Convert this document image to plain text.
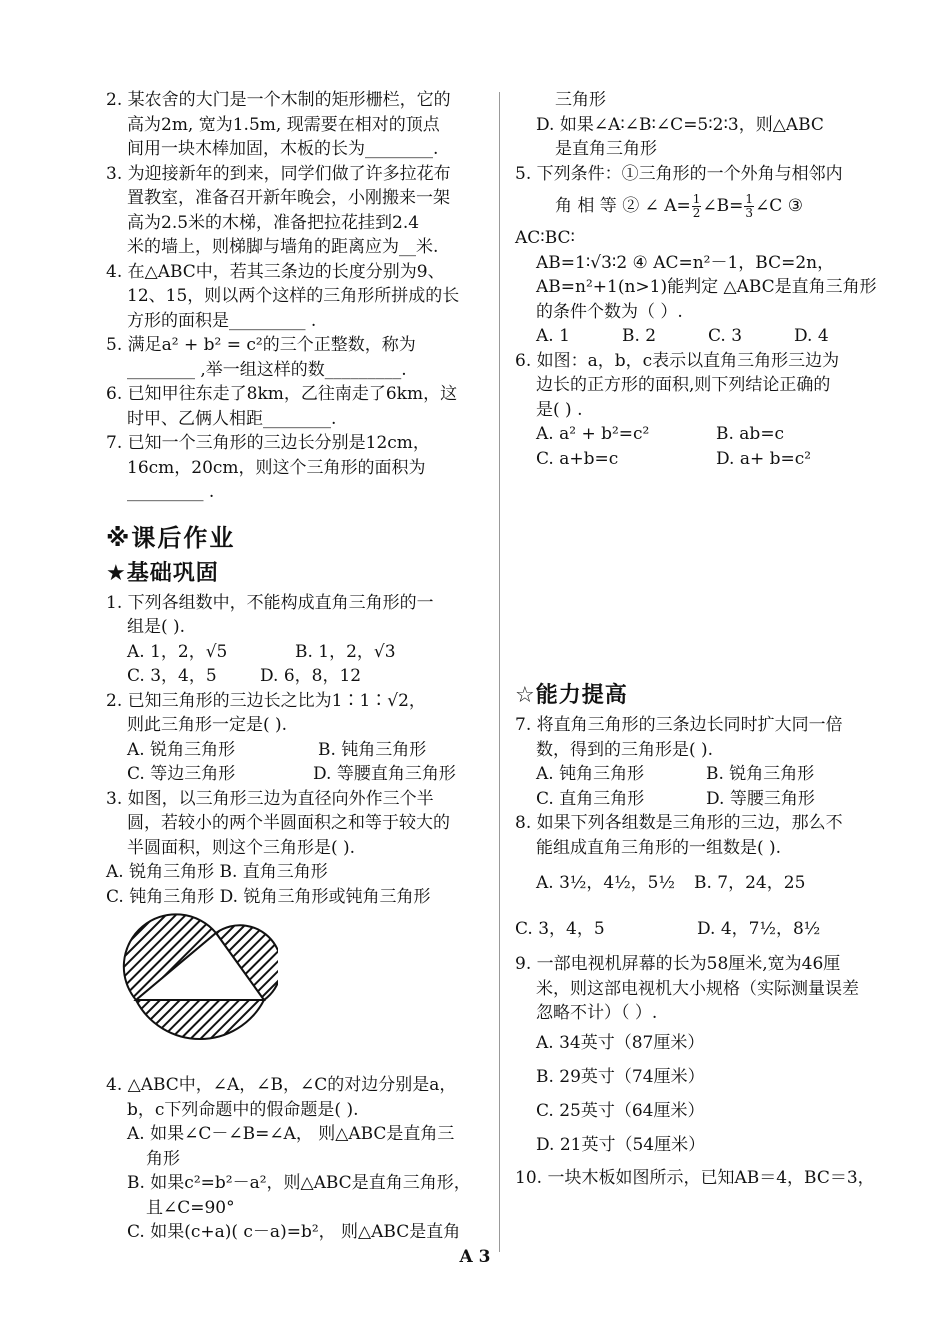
2. 某农舍的大门是一个木制的矩形栅栏，它的
高为2m, 宽为1.5m, 现需要在相对的顶点
间用一块木棒加固，木板的长为________.
3. 为迎接新年的到来，同学们做了许多拉花布
置教室，准备召开新年晚会，小刚搬来一架
高为2.5米的木梯，准备把拉花挂到2.4
米的墙上，则梯脚与墙角的距离应为__米.
4. 在△ABC中，若其三条边的长度分别为9、
12、15，则以两个这样的三角形所拼成的长
方形的面积是_________ .
5. 满足a² + b² = c²的三个正整数，称为
________ ,举一组这样的数_________.
6. 已知甲往东走了8km，乙往南走了6km，这
时甲、乙俩人相距________.
7. 已知一个三角形的三边长分别是12cm，
16cm，20cm，则这个三角形的面积为
_________ .
※课后作业
★基础巩固
1. 下列各组数中，不能构成直角三角形的一
组是( ).
A. 1，2，√5	B. 1，2，√3
C. 3，4，5	D. 6，8，12
2. 已知三角形的三边长之比为1∶1∶√2，
则此三角形一定是( ).
A. 锐角三角形	B. 钝角三角形
C. 等边三角形	D. 等腰直角三角形
3. 如图，以三角形三边为直径向外作三个半
圆，若较小的两个半圆面积之和等于较大的
半圆面积，则这个三角形是( ).
A. 锐角三角形 B. 直角三角形
C. 钝角三角形 D. 锐角三角形或钝角三角形
4. △ABC中，∠A，∠B，∠C的对边分别是a，
b，c下列命题中的假命题是( ).
A. 如果∠C－∠B=∠A， 则△ABC是直角三
角形
B. 如果c²=b²－a²，则△ABC是直角三角形，
且∠C=90°
C. 如果(c+a)( c－a)=b²， 则△ABC是直角
三角形
D. 如果∠A∶∠B∶∠C=5∶2∶3，则△ABC
是直角三角形
5. 下列条件：①三角形的一个外角与相邻内
角 相 等 ② ∠ $A= \frac{1}{2}$ ∠B= $\frac{1}{3}$ ∠C ③
AC∶BC∶
AB=1∶√3∶2 ④ AC=n²－1，BC=2n，
AB=n²+1(n>1)能判定 △ABC是直角三角形
的条件个数为（ ）.
A. 1	B. 2	C. 3	D. 4
6. 如图：a，b，c表示以直角三角形三边为
边长的正方形的面积,则下列结论正确的
是( ) .
A. a² + b²=c²	B. ab=c
C. a+b=c	D. a+ b=c²
☆能力提高
7. 将直角三角形的三条边长同时扩大同一倍
数，得到的三角形是( ).
A. 钝角三角形	B. 锐角三角形
C. 直角三角形	D. 等腰三角形
8. 如果下列各组数是三角形的三边，那么不
能组成直角三角形的一组数是( ).
A. 3½，4½，5½ B. 7，24，25
C. 3，4，5	D. 4，7½，8½
9. 一部电视机屏幕的长为58厘米,宽为46厘
米，则这部电视机大小规格（实际测量误差
忽略不计）（ ）.
A. 34英寸（87厘米）
B. 29英寸（74厘米）
C. 25英寸（64厘米）
D. 21英寸（54厘米）
10. 一块木板如图所示，已知AB＝4，BC＝3，
A 3
